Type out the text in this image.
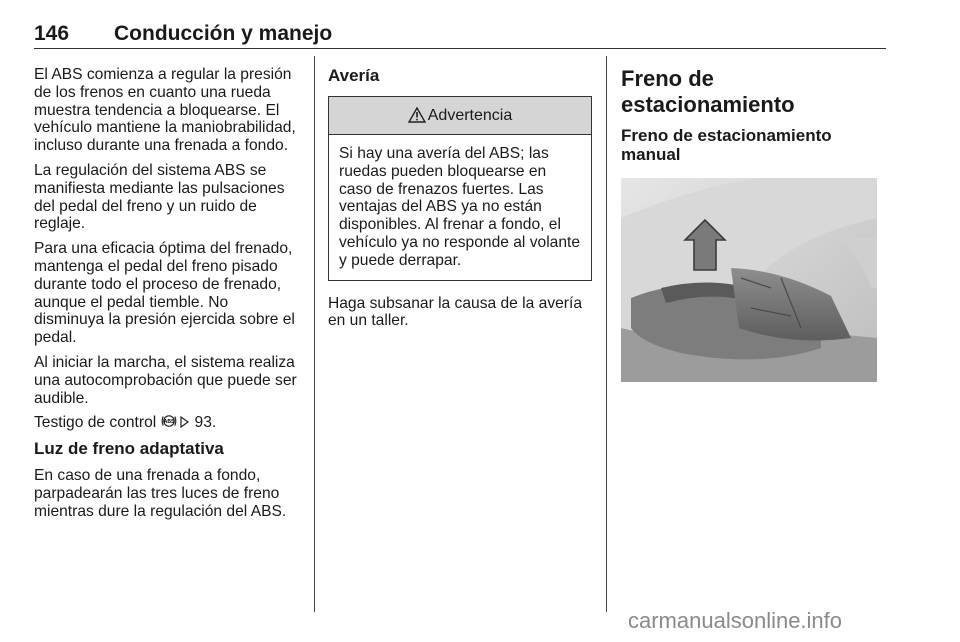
146 Conducción y manejo

El ABS comienza a regular la presión de los frenos en cuanto una rueda muestra tendencia a bloquearse. El vehículo mantiene la maniobrabilidad, incluso durante una frenada a fondo.

La regulación del sistema ABS se manifiesta mediante las pulsaciones del pedal del freno y un ruido de reglaje.

Para una eficacia óptima del frenado, mantenga el pedal del freno pisado durante todo el proceso de frenado, aunque el pedal tiemble. No disminuya la presión ejercida sobre el pedal.

Al iniciar la marcha, el sistema realiza una autocomprobación que puede ser audible.

Testigo de control ABS 93.

Luz de freno adaptativa

En caso de una frenada a fondo, parpadearán las tres luces de freno mientras dure la regulación del ABS.

Avería
Advertencia
Si hay una avería del ABS; las ruedas pueden bloquearse en caso de frenazos fuertes. Las ventajas del ABS ya no están disponibles. Al frenar a fondo, el vehículo ya no responde al volante y puede derrapar.

Haga subsanar la causa de la avería en un taller.

Freno de estacionamiento
Freno de estacionamiento manual
carmanualsonline.info
